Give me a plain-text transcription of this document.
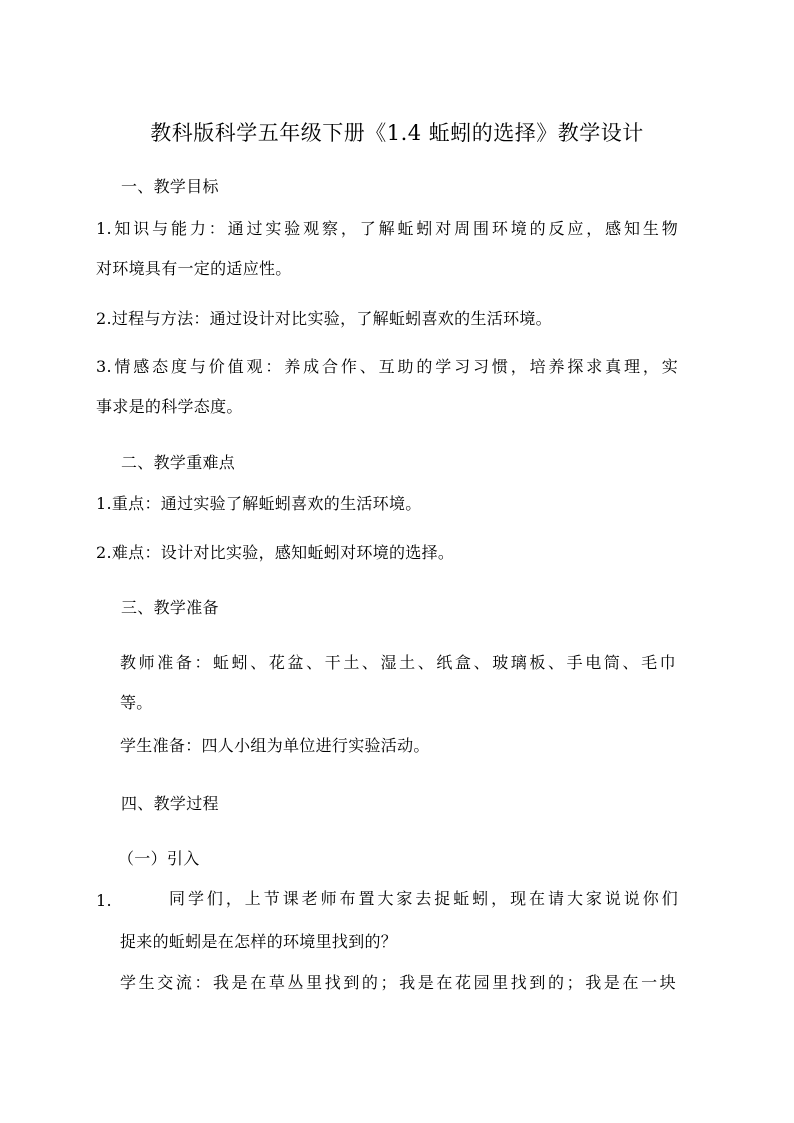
教科版科学五年级下册《1.4 蚯蚓的选择》教学设计
一、教学目标
1.知识与能力：通过实验观察，了解蚯蚓对周围环境的反应，感知生物
对环境具有一定的适应性。
2.过程与方法：通过设计对比实验，了解蚯蚓喜欢的生活环境。
3.情感态度与价值观：养成合作、互助的学习习惯，培养探求真理，实
事求是的科学态度。
二、教学重难点
1.重点：通过实验了解蚯蚓喜欢的生活环境。
2.难点：设计对比实验，感知蚯蚓对环境的选择。
三、教学准备
教师准备：蚯蚓、花盆、干土、湿土、纸盒、玻璃板、手电筒、毛巾
等。
学生准备：四人小组为单位进行实验活动。
四、教学过程
（一）引入
1.	同学们，上节课老师布置大家去捉蚯蚓，现在请大家说说你们
捉来的蚯蚓是在怎样的环境里找到的？
学生交流：我是在草丛里找到的；我是在花园里找到的；我是在一块
